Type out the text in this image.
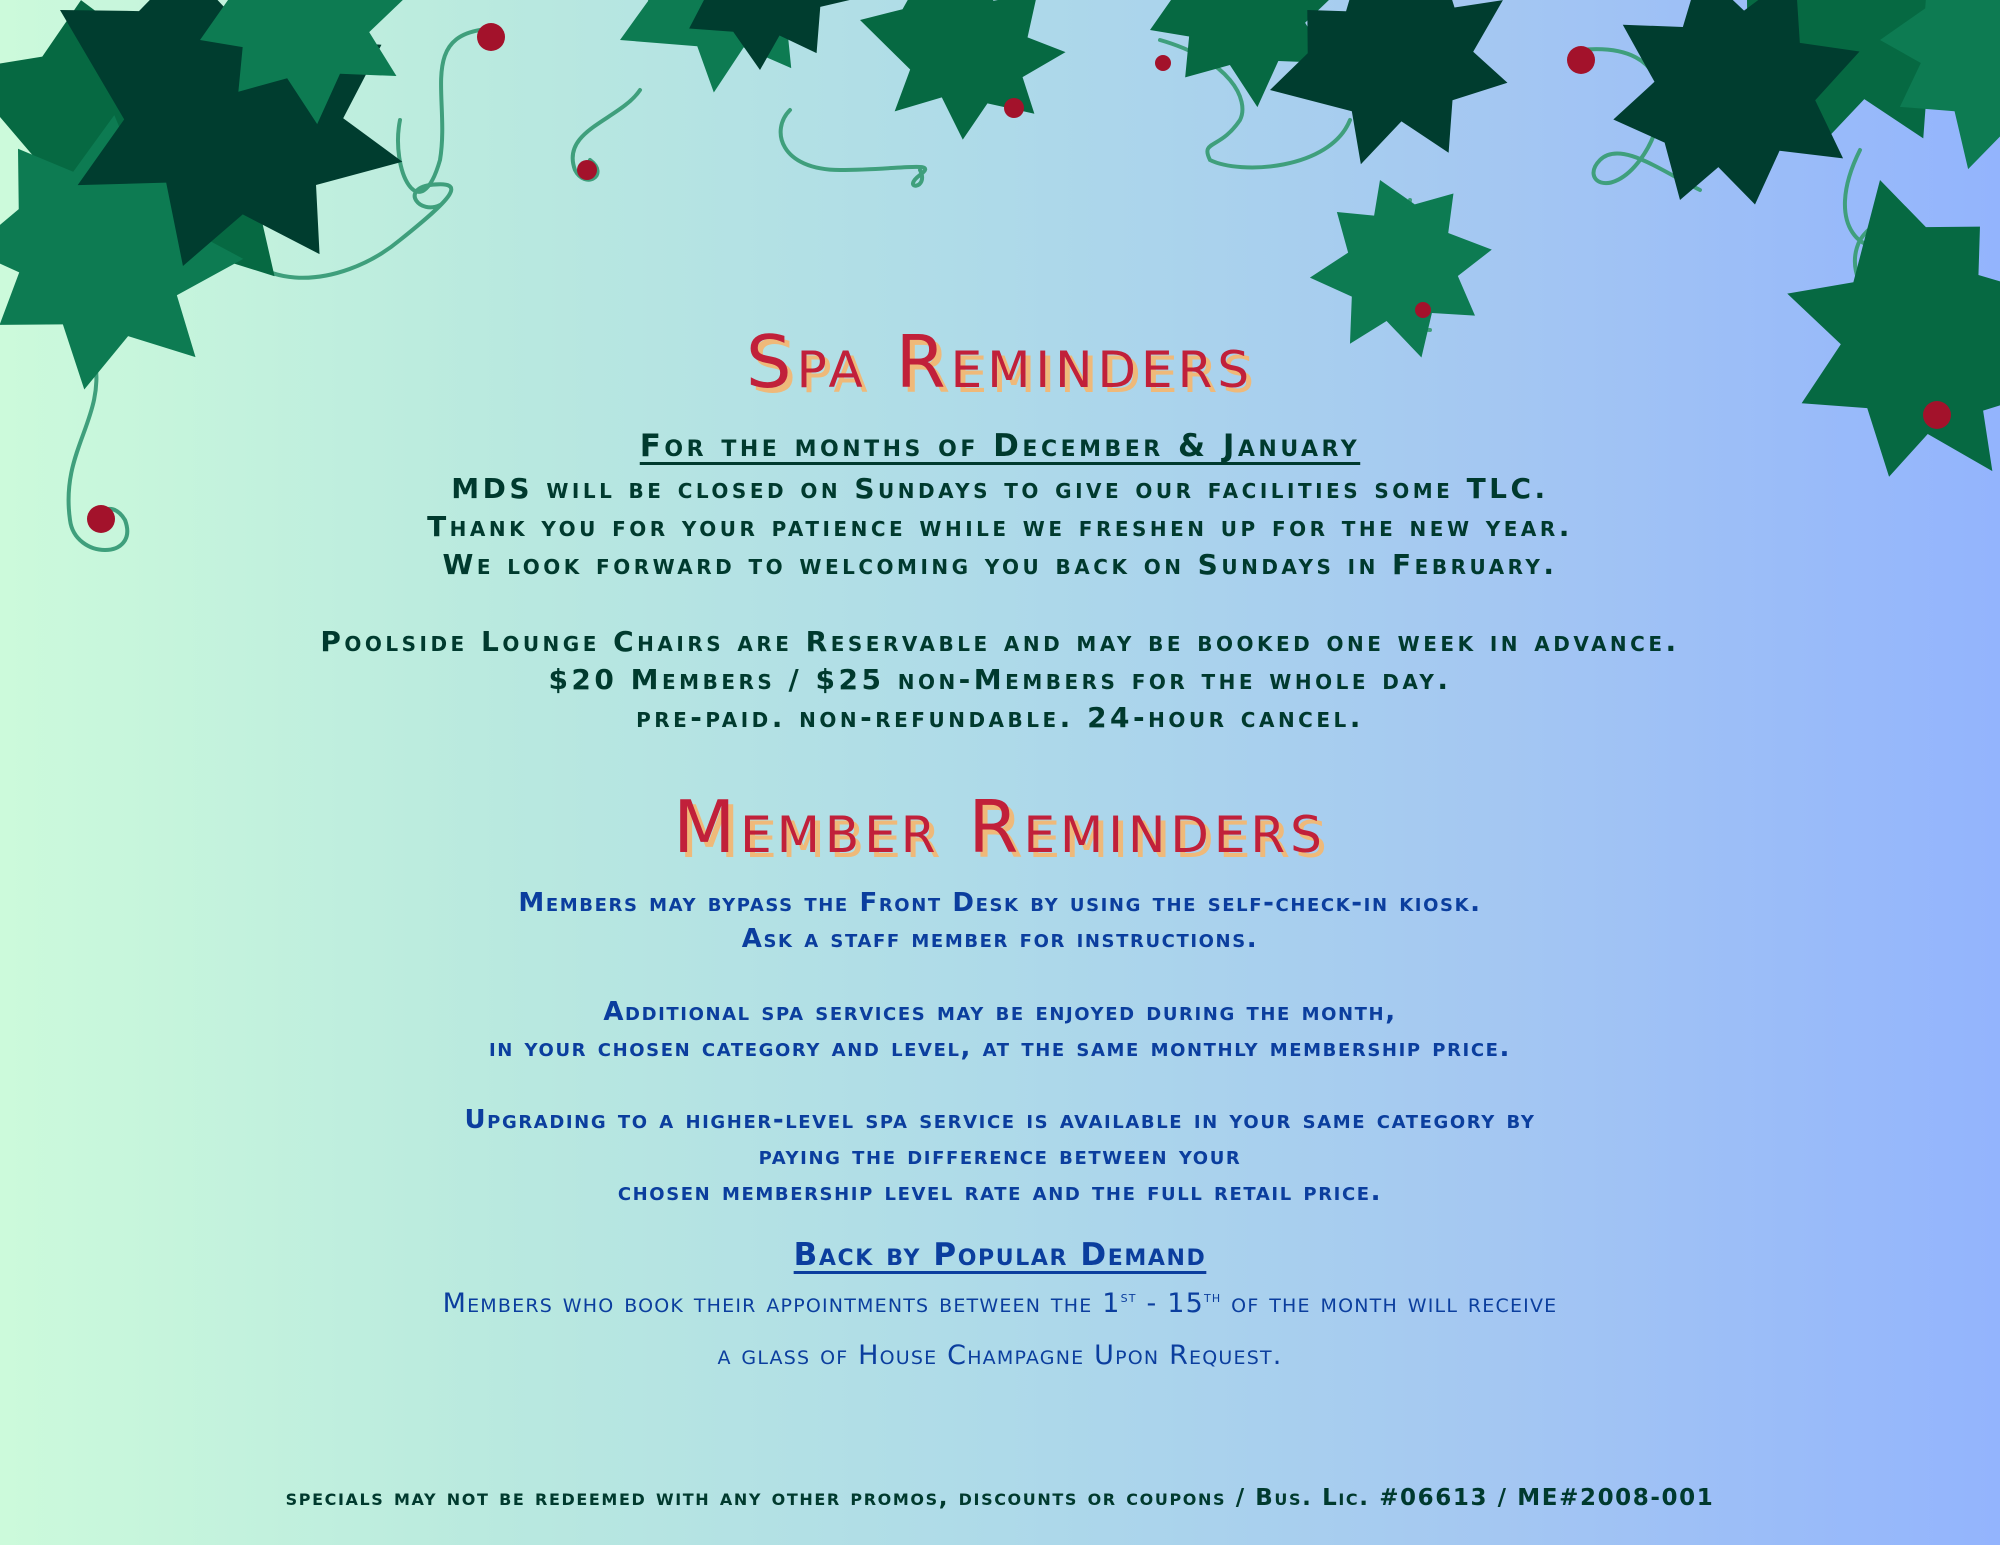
Spa Reminders
For the months of December & January
MDS will be closed on Sundays to give our facilities some TLC.
Thank you for your patience while we freshen up for the new year.
We look forward to welcoming you back on Sundays in February.
Poolside Lounge Chairs are Reservable and may be booked one week in advance.
$20 Members / $25 non-Members for the whole day.
pre-paid. non-refundable. 24-hour cancel.
Member Reminders
Members may bypass the Front Desk by using the self-check-in kiosk.
Ask a staff member for instructions.
Additional spa services may be enjoyed during the month,
in your chosen category and level, at the same monthly membership price.
Upgrading to a higher-level spa service is available in your same category by
paying the difference between your
chosen membership level rate and the full retail price.
Back by Popular Demand
Members who book their appointments between the 1st - 15th of the month will receive
a glass of House Champagne Upon Request.
specials may not be redeemed with any other promos, discounts or coupons / Bus. Lic. #06613 / ME#2008-001
